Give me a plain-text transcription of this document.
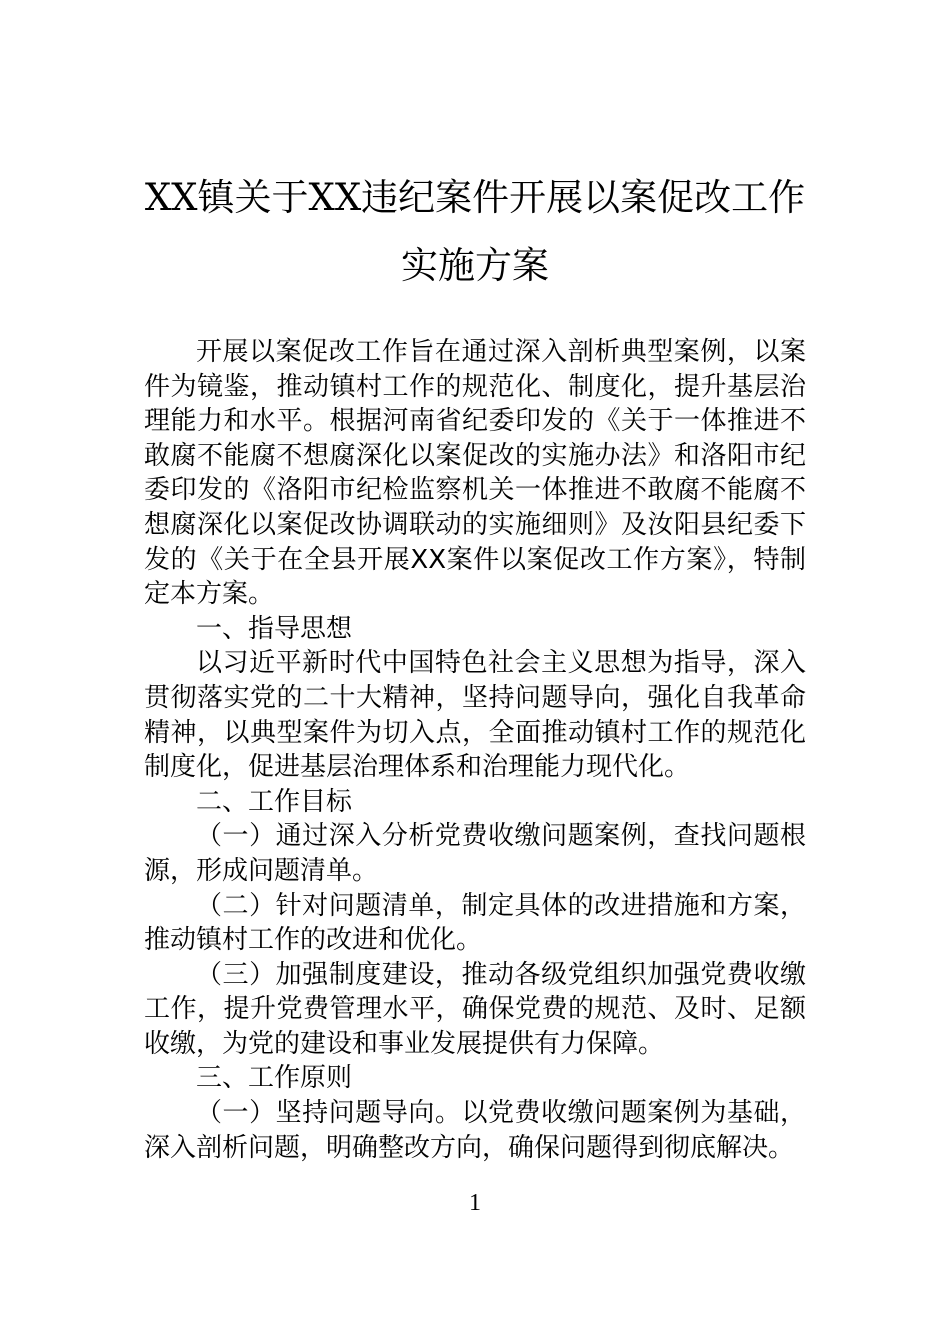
XX镇关于XX违纪案件开展以案促改工作
实施方案

开展以案促改工作旨在通过深入剖析典型案例，以案件为镜鉴，推动镇村工作的规范化、制度化，提升基层治理能力和水平。根据河南省纪委印发的《关于一体推进不敢腐不能腐不想腐深化以案促改的实施办法》和洛阳市纪委印发的《洛阳市纪检监察机关一体推进不敢腐不能腐不想腐深化以案促改协调联动的实施细则》及汝阳县纪委下发的《关于在全县开展XX案件以案促改工作方案》，特制定本方案。

一、指导思想

以习近平新时代中国特色社会主义思想为指导，深入贯彻落实党的二十大精神，坚持问题导向，强化自我革命精神，以典型案件为切入点，全面推动镇村工作的规范化制度化，促进基层治理体系和治理能力现代化。

二、工作目标

（一）通过深入分析党费收缴问题案例，查找问题根源，形成问题清单。

（二）针对问题清单，制定具体的改进措施和方案，推动镇村工作的改进和优化。

（三）加强制度建设，推动各级党组织加强党费收缴工作，提升党费管理水平，确保党费的规范、及时、足额收缴，为党的建设和事业发展提供有力保障。

三、工作原则

（一）坚持问题导向。以党费收缴问题案例为基础，深入剖析问题，明确整改方向，确保问题得到彻底解决。

1
